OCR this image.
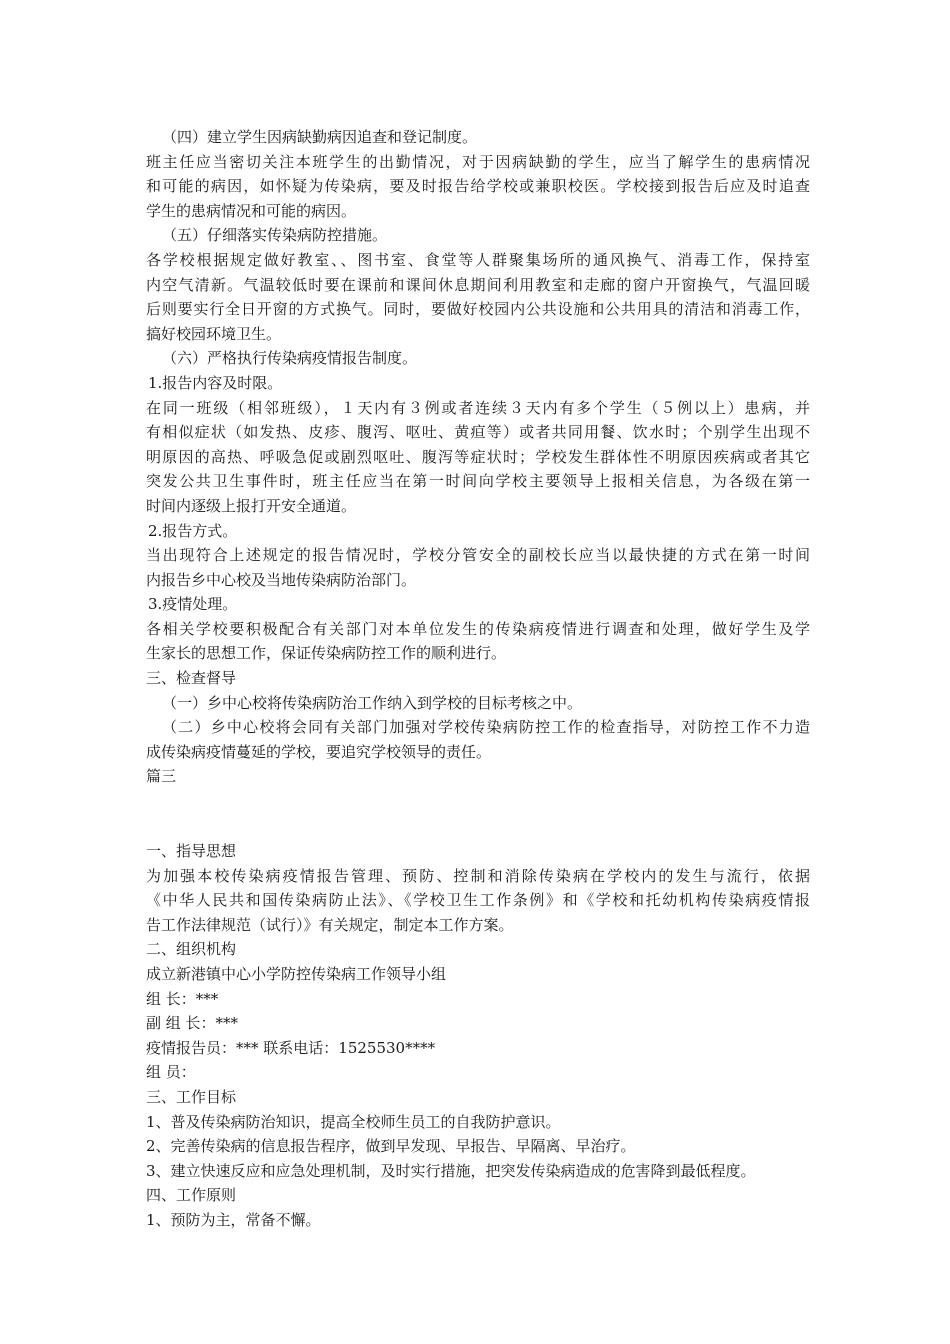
（四）建立学生因病缺勤病因追查和登记制度。
班主任应当密切关注本班学生的出勤情况，对于因病缺勤的学生，应当了解学生的患病情况
和可能的病因，如怀疑为传染病，要及时报告给学校或兼职校医。学校接到报告后应及时追查
学生的患病情况和可能的病因。
（五）仔细落实传染病防控措施。
各学校根据规定做好教室、、图书室、食堂等人群聚集场所的通风换气、消毒工作，保持室
内空气清新。气温较低时要在课前和课间休息期间利用教室和走廊的窗户开窗换气，气温回暖
后则要实行全日开窗的方式换气。同时，要做好校园内公共设施和公共用具的清洁和消毒工作，
搞好校园环境卫生。
（六）严格执行传染病疫情报告制度。
1.报告内容及时限。
在同一班级（相邻班级），１天内有３例或者连续３天内有多个学生（５例以上）患病，并
有相似症状（如发热、皮疹、腹泻、呕吐、黄疸等）或者共同用餐、饮水时；个别学生出现不
明原因的高热、呼吸急促或剧烈呕吐、腹泻等症状时；学校发生群体性不明原因疾病或者其它
突发公共卫生事件时，班主任应当在第一时间向学校主要领导上报相关信息，为各级在第一
时间内逐级上报打开安全通道。
2.报告方式。
当出现符合上述规定的报告情况时，学校分管安全的副校长应当以最快捷的方式在第一时间
内报告乡中心校及当地传染病防治部门。
3.疫情处理。
各相关学校要积极配合有关部门对本单位发生的传染病疫情进行调查和处理，做好学生及学
生家长的思想工作，保证传染病防控工作的顺利进行。
三、检查督导
（一）乡中心校将传染病防治工作纳入到学校的目标考核之中。
（二）乡中心校将会同有关部门加强对学校传染病防控工作的检查指导，对防控工作不力造
成传染病疫情蔓延的学校，要追究学校领导的责任。
篇三
一、指导思想
为加强本校传染病疫情报告管理、预防、控制和消除传染病在学校内的发生与流行，依据
《中华人民共和国传染病防止法》、《学校卫生工作条例》和《学校和托幼机构传染病疫情报
告工作法律规范（试行）》有关规定，制定本工作方案。
二、组织机构
成立新港镇中心小学防控传染病工作领导小组
组 长：***
副 组 长：***
疫情报告员：*** 联系电话：1525530****
组 员：
三、工作目标
1、普及传染病防治知识，提高全校师生员工的自我防护意识。
2、完善传染病的信息报告程序，做到早发现、早报告、早隔离、早治疗。
3、建立快速反应和应急处理机制，及时实行措施，把突发传染病造成的危害降到最低程度。
四、工作原则
1、预防为主，常备不懈。
